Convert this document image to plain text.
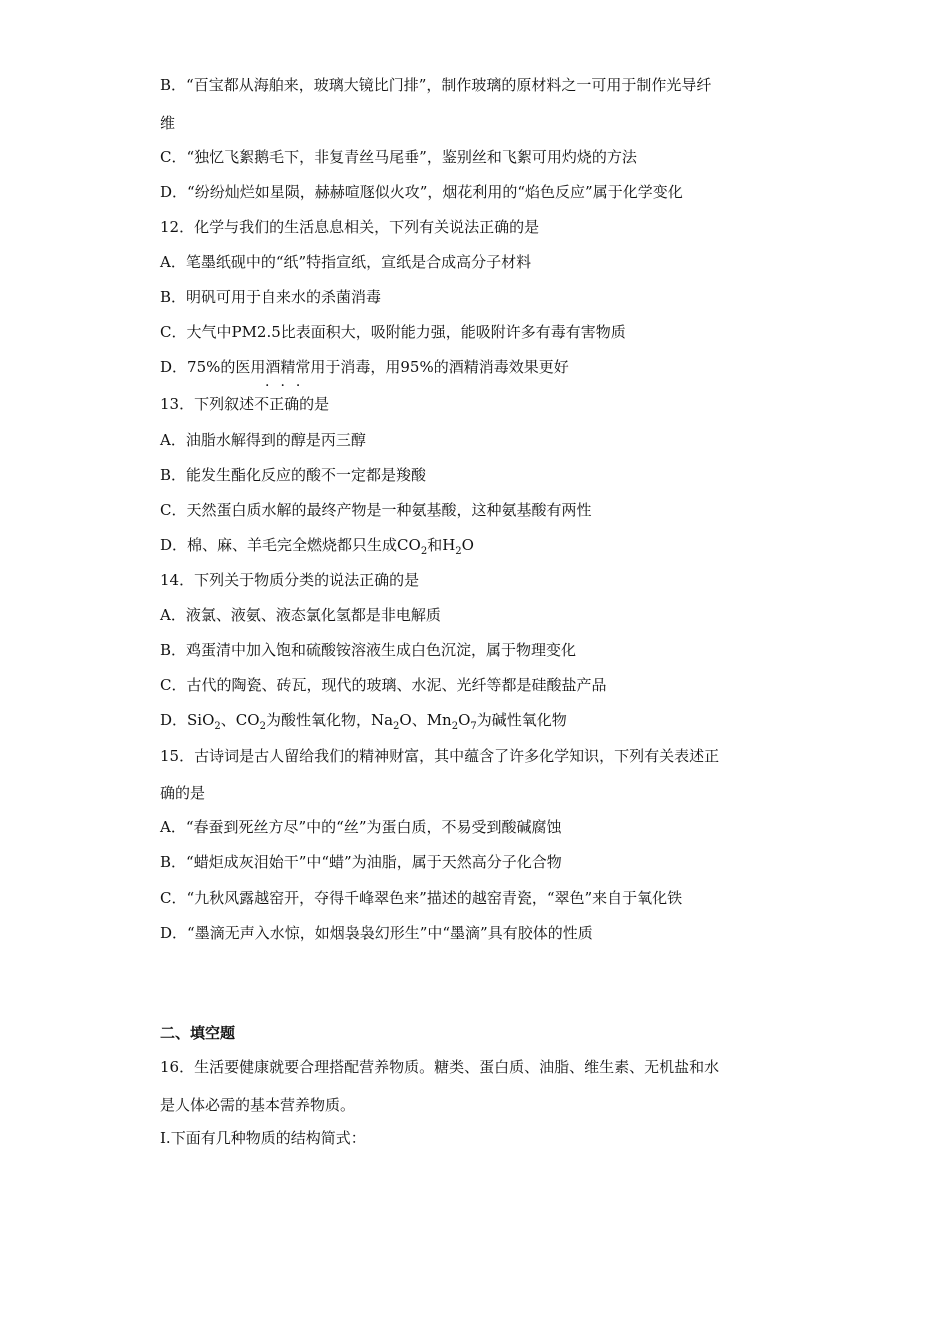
B．“百宝都从海舶来，玻璃大镜比门排”，制作玻璃的原材料之一可用于制作光导纤
维
C．“独忆飞絮鹅毛下，非复青丝马尾垂”，鉴别丝和飞絮可用灼烧的方法
D．“纷纷灿烂如星陨，赫赫喧豗似火攻”，烟花利用的“焰色反应”属于化学变化
12．化学与我们的生活息息相关，下列有关说法正确的是
A．笔墨纸砚中的“纸”特指宣纸，宣纸是合成高分子材料
B．明矾可用于自来水的杀菌消毒
C．大气中PM2.5比表面积大，吸附能力强，能吸附许多有毒有害物质
D．75%的医用酒精常用于消毒，用95%的酒精消毒效果更好
···
13．下列叙述不正确的是
A．油脂水解得到的醇是丙三醇
B．能发生酯化反应的酸不一定都是羧酸
C．天然蛋白质水解的最终产物是一种氨基酸，这种氨基酸有两性
D．棉、麻、羊毛完全燃烧都只生成$CO_2$和$H_2O$
14．下列关于物质分类的说法正确的是
A．液氯、液氨、液态氯化氢都是非电解质
B．鸡蛋清中加入饱和硫酸铵溶液生成白色沉淀，属于物理变化
C．古代的陶瓷、砖瓦，现代的玻璃、水泥、光纤等都是硅酸盐产品
D．SiO$_2$、$CO_2$为酸性氧化物，$Na_2O$、$Mn_2O_7$为碱性氧化物
15．古诗词是古人留给我们的精神财富，其中蕴含了许多化学知识，下列有关表述正
确的是
A．“春蚕到死丝方尽”中的“丝”为蛋白质，不易受到酸碱腐蚀
B．“蜡炬成灰泪始干”中“蜡”为油脂，属于天然高分子化合物
C．“九秋风露越窑开，夺得千峰翠色来”描述的越窑青瓷，“翠色”来自于氧化铁
D．“墨滴无声入水惊，如烟袅袅幻形生”中“墨滴”具有胶体的性质
二、填空题
16．生活要健康就要合理搭配营养物质。糖类、蛋白质、油脂、维生素、无机盐和水
是人体必需的基本营养物质。
I.下面有几种物质的结构简式：
